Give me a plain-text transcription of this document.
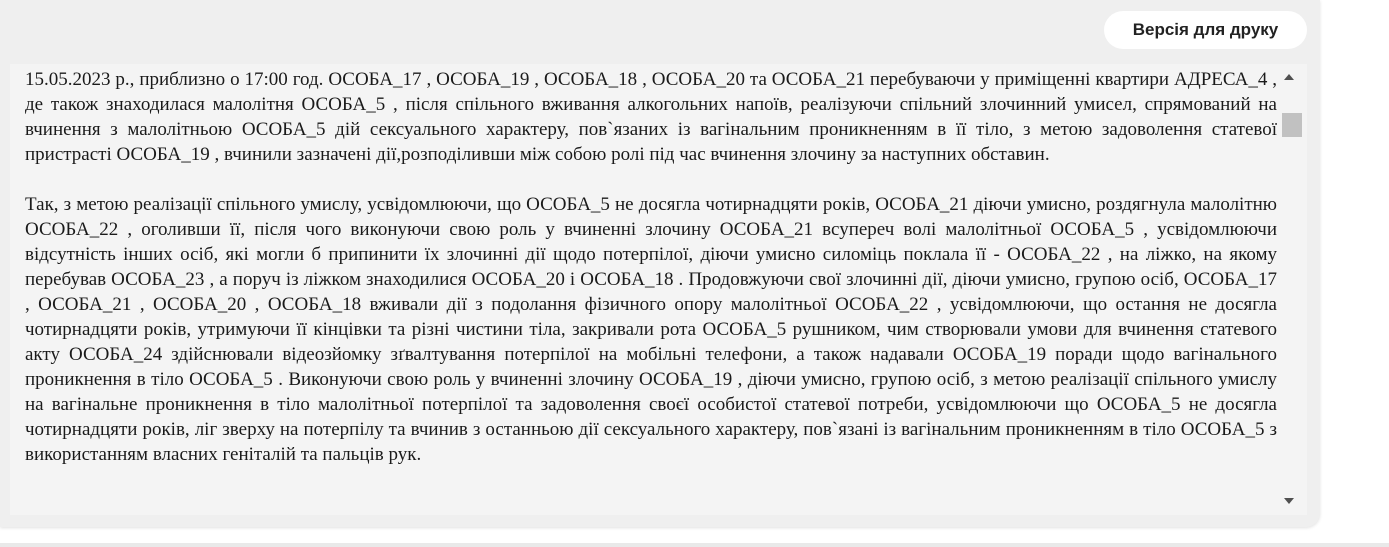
Версія для друку

15.05.2023 р., приблизно о 17:00 год. ОСОБА_17 , ОСОБА_19 , ОСОБА_18 , ОСОБА_20 та ОСОБА_21 перебуваючи у приміщенні квартири АДРЕСА_4 , де також знаходилася малолітня ОСОБА_5 , після спільного вживання алкогольних напоїв, реалізуючи спільний злочинний умисел, спрямований на вчинення з малолітньою ОСОБА_5 дій сексуального характеру, пов`язаних із вагінальним проникненням в її тіло, з метою задоволення статевої пристрасті ОСОБА_19 , вчинили зазначені дії,розподіливши між собою ролі під час вчинення злочину за наступних обставин.

Так, з метою реалізації спільного умислу, усвідомлюючи, що ОСОБА_5 не досягла чотирнадцяти років, ОСОБА_21 діючи умисно, роздягнула малолітню ОСОБА_22 , оголивши її, після чого виконуючи свою роль у вчиненні злочину ОСОБА_21 всупереч волі малолітньої ОСОБА_5 , усвідомлюючи відсутність інших осіб, які могли б припинити їх злочинні дії щодо потерпілої, діючи умисно силоміць поклала її - ОСОБА_22 , на ліжко, на якому перебував ОСОБА_23 , а поруч із ліжком знаходилися ОСОБА_20 і ОСОБА_18 . Продовжуючи свої злочинні дії, діючи умисно, групою осіб, ОСОБА_17 , ОСОБА_21 , ОСОБА_20 , ОСОБА_18 вживали дії з подолання фізичного опору малолітньої ОСОБА_22 , усвідомлюючи, що остання не досягла чотирнадцяти років, утримуючи її кінцівки та різні чистини тіла, закривали рота ОСОБА_5 рушником, чим створювали умови для вчинення статевого акту ОСОБА_24 здійснювали відеозйомку зґвалтування потерпілої на мобільні телефони, а також надавали ОСОБА_19 поради щодо вагінального проникнення в тіло ОСОБА_5 . Виконуючи свою роль у вчиненні злочину ОСОБА_19 , діючи умисно, групою осіб, з метою реалізації спільного умислу на вагінальне проникнення в тіло малолітньої потерпілої та задоволення своєї особистої статевої потреби, усвідомлюючи що ОСОБА_5 не досягла чотирнадцяти років, ліг зверху на потерпілу та вчинив з останньою дії сексуального характеру, пов`язані із вагінальним проникненням в тіло ОСОБА_5 з використанням власних геніталій та пальців рук.
